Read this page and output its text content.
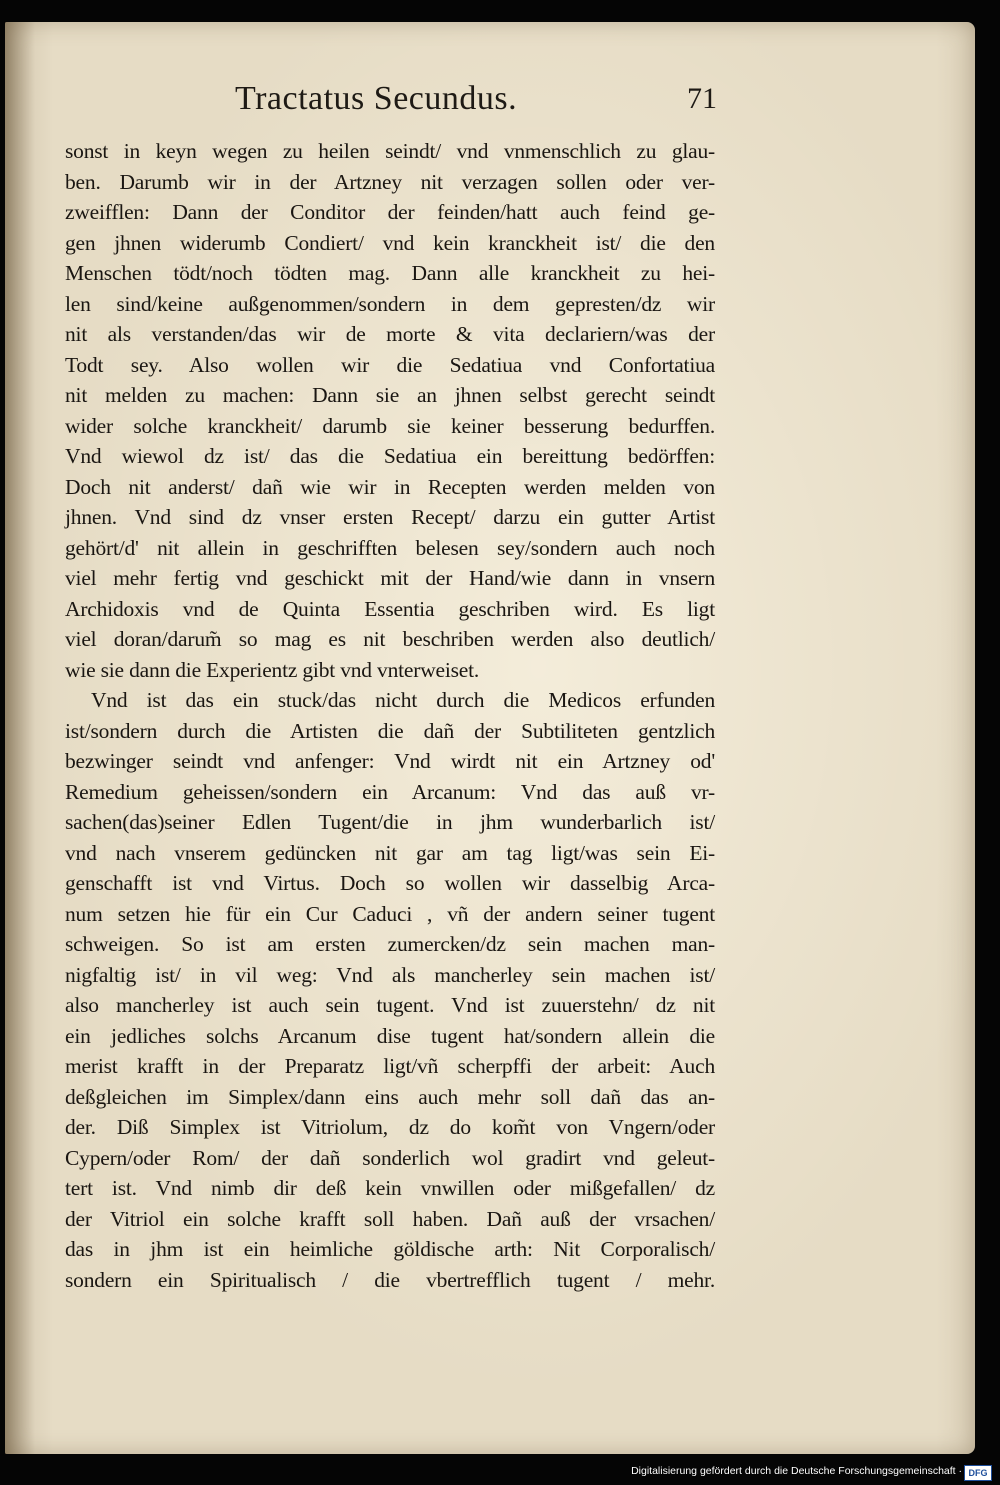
Tractatus Secundus.	71
sonst in keyn wegen zu heilen seindt/ vnd vnmenschlich zu glau-
ben. Darumb wir in der Artzney nit verzagen sollen oder ver-
zweifflen: Dann der Conditor der feinden/hatt auch feind ge-
gen jhnen widerumb Condiert/ vnd kein kranckheit ist/ die den
Menschen tödt/noch tödten mag. Dann alle kranckheit zu hei-
len sind/keine außgenommen/sondern in dem gepresten/dz wir
nit als verstanden/das wir de morte & vita declariern/was der
Todt sey. Also wollen wir die Sedatiua vnd Confortatiua
nit melden zu machen: Dann sie an jhnen selbst gerecht seindt
wider solche kranckheit/ darumb sie keiner besserung bedurffen.
Vnd wiewol dz ist/ das die Sedatiua ein bereittung bedörffen:
Doch nit anderst/ dañ wie wir in Recepten werden melden von
jhnen. Vnd sind dz vnser ersten Recept/ darzu ein gutter Artist
gehört/d' nit allein in geschrifften belesen sey/sondern auch noch
viel mehr fertig vnd geschickt mit der Hand/wie dann in vnsern
Archidoxis vnd de Quinta Essentia geschriben wird. Es ligt
viel doran/darum̃ so mag es nit beschriben werden also deutlich/
wie sie dann die Experientz gibt vnd vnterweiset.
Vnd ist das ein stuck/das nicht durch die Medicos erfunden
ist/sondern durch die Artisten die dañ der Subtiliteten gentzlich
bezwinger seindt vnd anfenger: Vnd wirdt nit ein Artzney od'
Remedium geheissen/sondern ein Arcanum: Vnd das auß vr-
sachen(das)seiner Edlen Tugent/die in jhm wunderbarlich ist/
vnd nach vnserem gedüncken nit gar am tag ligt/was sein Ei-
genschafft ist vnd Virtus. Doch so wollen wir dasselbig Arca-
num setzen hie für ein Cur Caduci , vñ der andern seiner tugent
schweigen. So ist am ersten zumercken/dz sein machen man-
nigfaltig ist/ in vil weg: Vnd als mancherley sein machen ist/
also mancherley ist auch sein tugent. Vnd ist zuuerstehn/ dz nit
ein jedliches solchs Arcanum dise tugent hat/sondern allein die
merist krafft in der Preparatz ligt/vñ scherpffi der arbeit: Auch
deßgleichen im Simplex/dann eins auch mehr soll dañ das an-
der. Diß Simplex ist Vitriolum, dz do kom̃t von Vngern/oder
Cypern/oder Rom/ der dañ sonderlich wol gradirt vnd geleut-
tert ist. Vnd nimb dir deß kein vnwillen oder mißgefallen/ dz
der Vitriol ein solche krafft soll haben. Dañ auß der vrsachen/
das in jhm ist ein heimliche göldische arth: Nit Corporalisch/
sondern ein Spiritualisch / die vbertrefflich tugent / mehr.
Digitalisierung gefördert durch die Deutsche Forschungsgemeinschaft · DFG
